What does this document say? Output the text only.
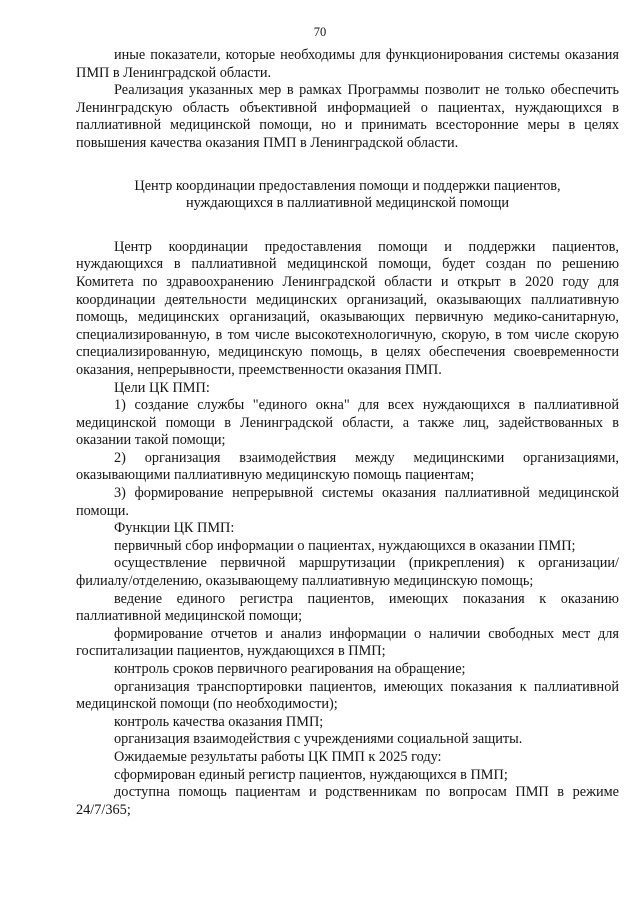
70

иные показатели, которые необходимы для функционирования системы оказания ПМП в Ленинградской области.

Реализация указанных мер в рамках Программы позволит не только обеспечить Ленинградскую область объективной информацией о пациентах, нуждающихся в паллиативной медицинской помощи, но и принимать всесторонние меры в целях повышения качества оказания ПМП в Ленинградской области.

Центр координации предоставления помощи и поддержки пациентов,
нуждающихся в паллиативной медицинской помощи

Центр координации предоставления помощи и поддержки пациентов, нуждающихся в паллиативной медицинской помощи, будет создан по решению Комитета по здравоохранению Ленинградской области и открыт в 2020 году для координации деятельности медицинских организаций, оказывающих паллиативную помощь, медицинских организаций, оказывающих первичную медико-санитарную, специализированную, в том числе высокотехнологичную, скорую, в том числе скорую специализированную, медицинскую помощь, в целях обеспечения своевременности оказания, непрерывности, преемственности оказания ПМП.

Цели ЦК ПМП:

1) создание службы "единого окна" для всех нуждающихся в паллиативной медицинской помощи в Ленинградской области, а также лиц, задействованных в оказании такой помощи;

2) организация взаимодействия между медицинскими организациями, оказывающими паллиативную медицинскую помощь пациентам;

3) формирование непрерывной системы оказания паллиативной медицинской помощи.

Функции ЦК ПМП:

первичный сбор информации о пациентах, нуждающихся в оказании ПМП;

осуществление первичной маршрутизации (прикрепления) к организации/ филиалу/отделению, оказывающему паллиативную медицинскую помощь;

ведение единого регистра пациентов, имеющих показания к оказанию паллиативной медицинской помощи;

формирование отчетов и анализ информации о наличии свободных мест для госпитализации пациентов, нуждающихся в ПМП;

контроль сроков первичного реагирования на обращение;

организация транспортировки пациентов, имеющих показания к паллиативной медицинской помощи (по необходимости);

контроль качества оказания ПМП;

организация взаимодействия с учреждениями социальной защиты.

Ожидаемые результаты работы ЦК ПМП к 2025 году:

сформирован единый регистр пациентов, нуждающихся в ПМП;

доступна помощь пациентам и родственникам по вопросам ПМП в режиме 24/7/365;
